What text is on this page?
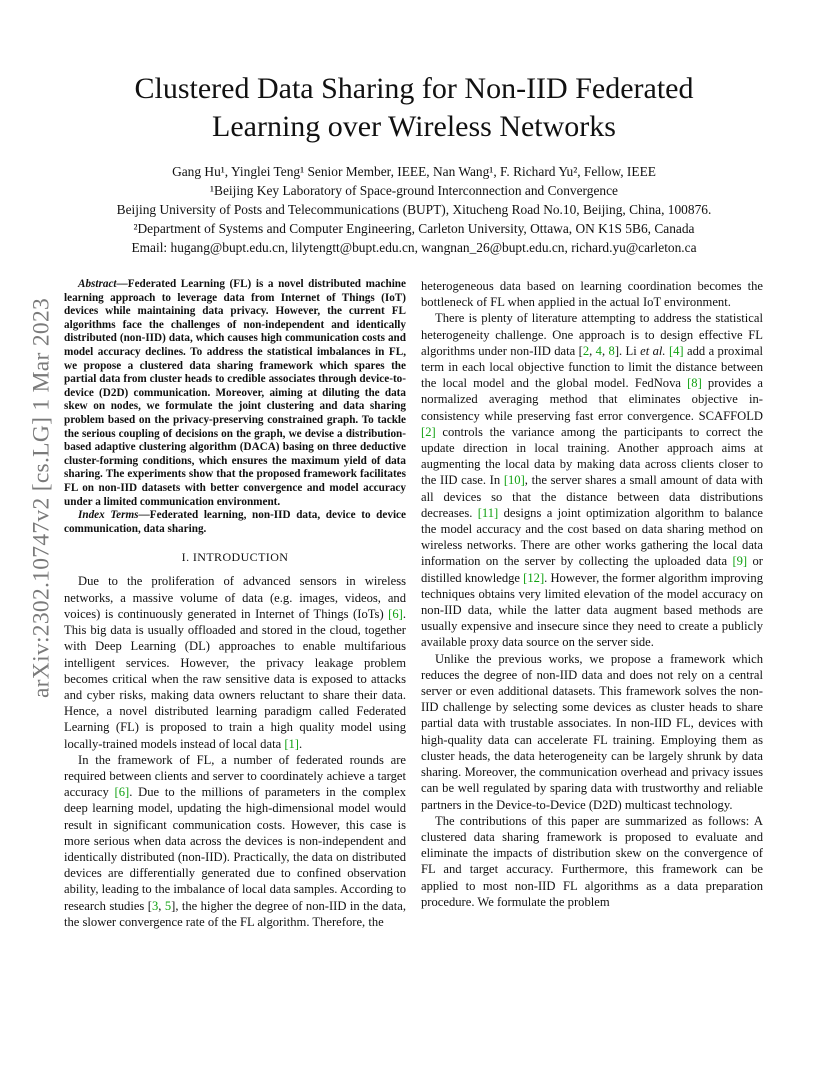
arXiv:2302.10747v2 [cs.LG] 1 Mar 2023
Clustered Data Sharing for Non-IID Federated
Learning over Wireless Networks
Gang Hu¹, Yinglei Teng¹ Senior Member, IEEE, Nan Wang¹, F. Richard Yu², Fellow, IEEE
¹Beijing Key Laboratory of Space-ground Interconnection and Convergence
Beijing University of Posts and Telecommunications (BUPT), Xitucheng Road No.10, Beijing, China, 100876.
²Department of Systems and Computer Engineering, Carleton University, Ottawa, ON K1S 5B6, Canada
Email: hugang@bupt.edu.cn, lilytengtt@bupt.edu.cn, wangnan_26@bupt.edu.cn, richard.yu@carleton.ca

Abstract—Federated Learning (FL) is a novel distributed machine learning approach to leverage data from Internet of Things (IoT) devices while maintaining data privacy. However, the current FL algorithms face the challenges of non-independent and identically distributed (non-IID) data, which causes high communication costs and model accuracy declines. To address the statistical imbalances in FL, we propose a clustered data sharing framework which spares the partial data from cluster heads to credible associates through device-to-device (D2D) communication. Moreover, aiming at diluting the data skew on nodes, we formulate the joint clustering and data sharing problem based on the privacy-preserving constrained graph. To tackle the serious coupling of decisions on the graph, we devise a distribution-based adaptive clustering algorithm (DACA) basing on three deductive cluster-forming conditions, which ensures the maximum yield of data sharing. The experiments show that the proposed framework facilitates FL on non-IID datasets with better convergence and model accuracy under a limited communication environment.

Index Terms—Federated learning, non-IID data, device to device communication, data sharing.

I. INTRODUCTION

Due to the proliferation of advanced sensors in wireless networks, a massive volume of data (e.g. images, videos, and voices) is continuously generated in Internet of Things (IoTs) [6]. This big data is usually offloaded and stored in the cloud, together with Deep Learning (DL) approaches to enable multifarious intelligent services. However, the privacy leakage problem becomes critical when the raw sensitive data is exposed to attacks and cyber risks, making data owners reluctant to share their data. Hence, a novel distributed learning paradigm called Federated Learning (FL) is proposed to train a high quality model using locally-trained models instead of local data [1].

In the framework of FL, a number of federated rounds are required between clients and server to coordinately achieve a target accuracy [6]. Due to the millions of parameters in the complex deep learning model, updating the high-dimensional model would result in significant communication costs. However, this case is more serious when data across the devices is non-independent and identically distributed (non-IID). Practically, the data on distributed devices are differentially generated due to confined observation ability, leading to the imbalance of local data samples. According to research studies [3, 5], the higher the degree of non-IID in the data, the slower convergence rate of the FL algorithm. Therefore, the

heterogeneous data based on learning coordination becomes the bottleneck of FL when applied in the actual IoT environment.

There is plenty of literature attempting to address the statistical heterogeneity challenge. One approach is to design effective FL algorithms under non-IID data [2, 4, 8]. Li et al. [4] add a proximal term in each local objective function to limit the distance between the local model and the global model. FedNova [8] provides a normalized averaging method that eliminates objective in-consistency while preserving fast error convergence. SCAFFOLD [2] controls the variance among the participants to correct the update direction in local training. Another approach aims at augmenting the local data by making data across clients closer to the IID case. In [10], the server shares a small amount of data with all devices so that the distance between data distributions decreases. [11] designs a joint optimization algorithm to balance the model accuracy and the cost based on data sharing method on wireless networks. There are other works gathering the local data information on the server by collecting the uploaded data [9] or distilled knowledge [12]. However, the former algorithm improving techniques obtains very limited elevation of the model accuracy on non-IID data, while the latter data augment based methods are usually expensive and insecure since they need to create a publicly available proxy data source on the server side.

Unlike the previous works, we propose a framework which reduces the degree of non-IID data and does not rely on a central server or even additional datasets. This framework solves the non-IID challenge by selecting some devices as cluster heads to share partial data with trustable associates. In non-IID FL, devices with high-quality data can accelerate FL training. Employing them as cluster heads, the data heterogeneity can be largely shrunk by data sharing. Moreover, the communication overhead and privacy issues can be well regulated by sparing data with trustworthy and reliable partners in the Device-to-Device (D2D) multicast technology.

The contributions of this paper are summarized as follows: A clustered data sharing framework is proposed to evaluate and eliminate the impacts of distribution skew on the convergence of FL and target accuracy. Furthermore, this framework can be applied to most non-IID FL algorithms as a data preparation procedure. We formulate the problem
